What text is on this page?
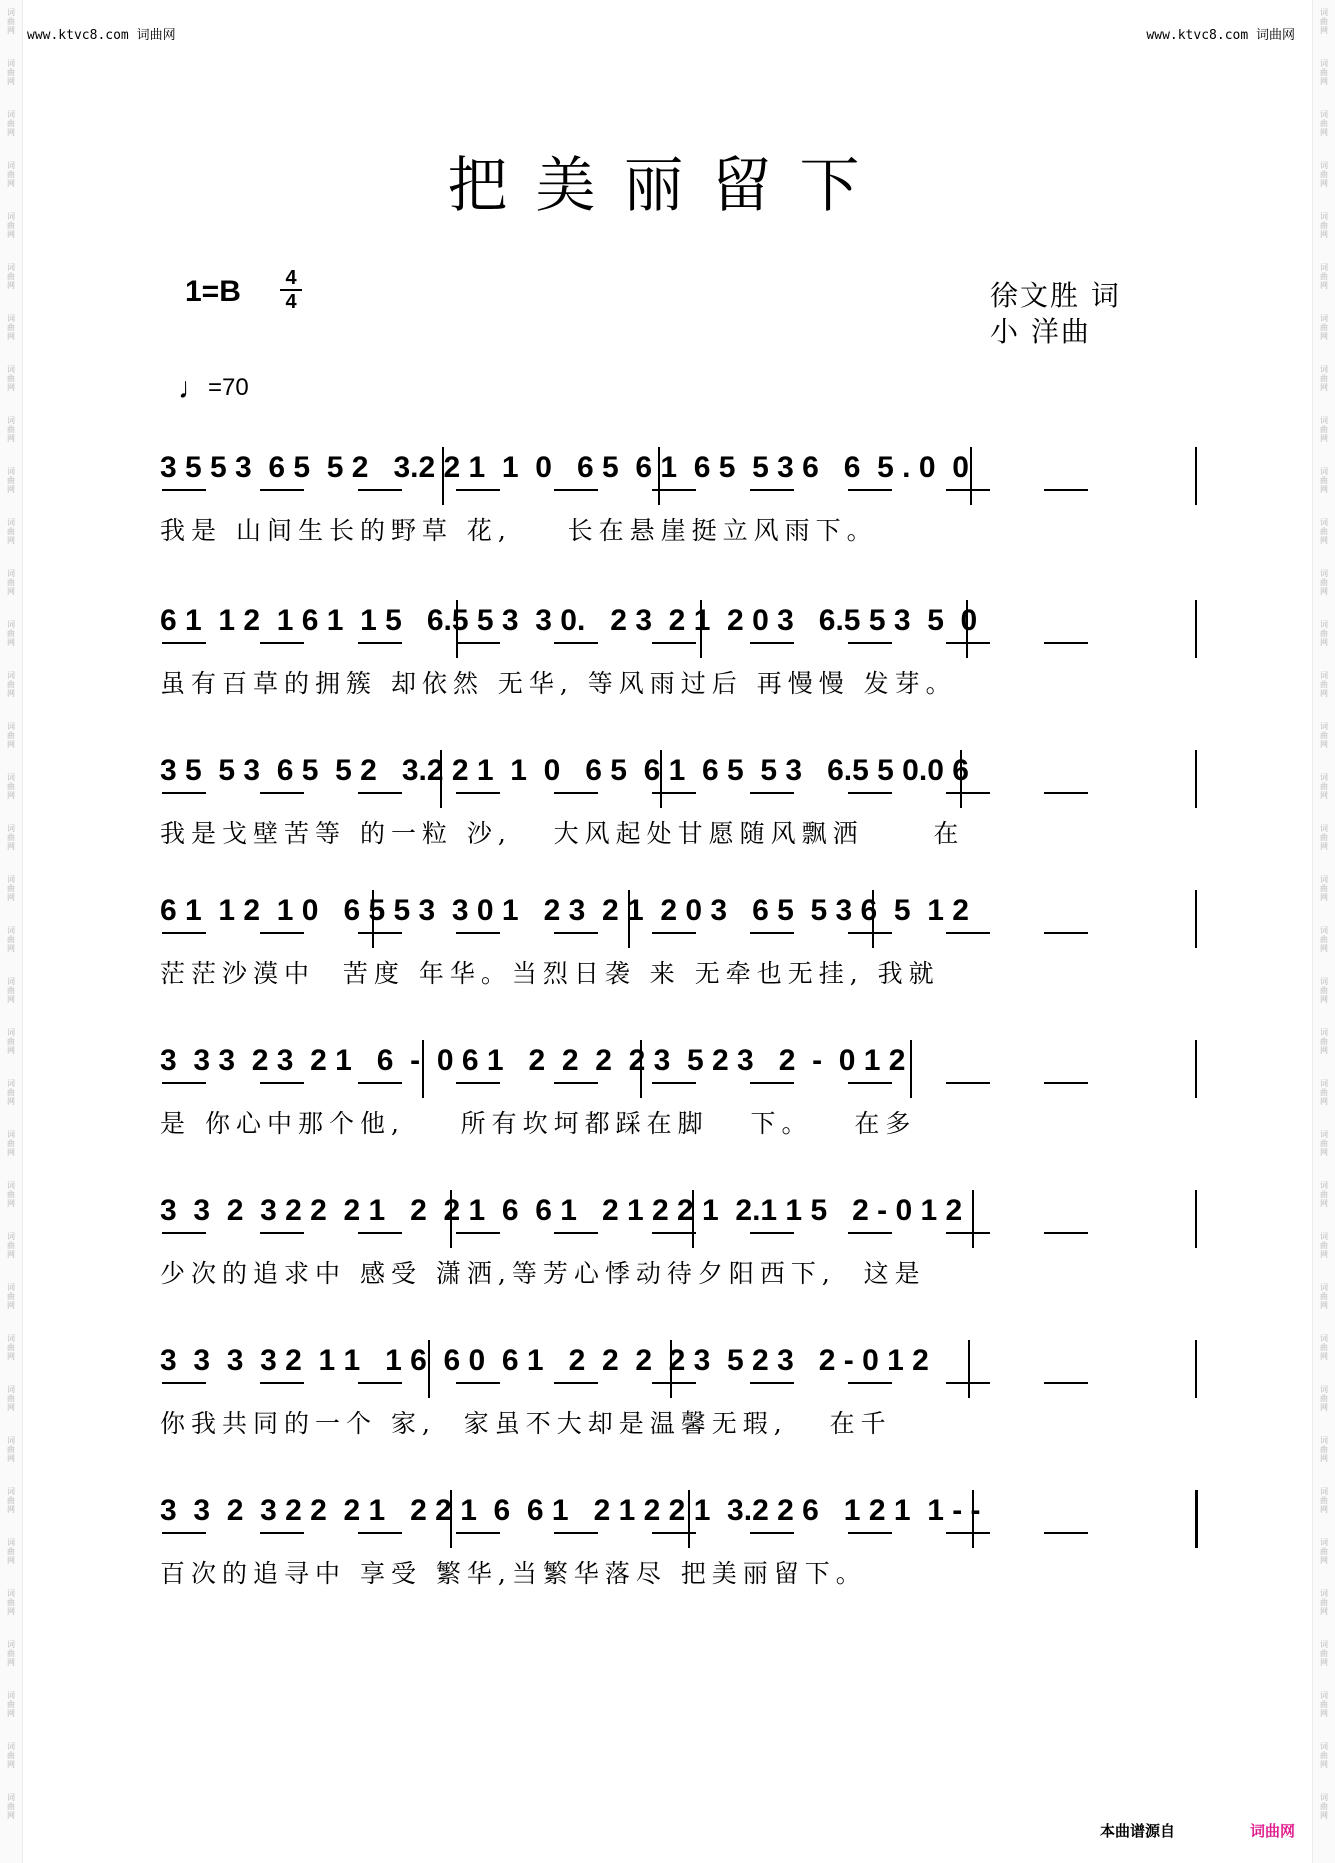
词
曲
网
词
曲
网
词
曲
网
词
曲
网
词
曲
网
词
曲
网
词
曲
网
词
曲
网
词
曲
网
词
曲
网
词
曲
网
词
曲
网
词
曲
网
词
曲
网
词
曲
网
词
曲
网
词
曲
网
词
曲
网
词
曲
网
词
曲
网
词
曲
网
词
曲
网
词
曲
网
词
曲
网
词
曲
网
词
曲
网
词
曲
网
词
曲
网
词
曲
网
词
曲
网
词
曲
网
词
曲
网
词
曲
网
词
曲
网
词
曲
网
词
曲
网
词
曲
网
词
曲
网
词
曲
网
词
曲
网
词
曲
网
词
曲
网
词
曲
网
词
曲
网
词
曲
网
词
曲
网
词
曲
网
词
曲
网
词
曲
网
词
曲
网
词
曲
网
词
曲
网
词
曲
网
词
曲
网
词
曲
网
词
曲
网
词
曲
网
词
曲
网
词
曲
网
词
曲
网
词
曲
网
词
曲
网
词
曲
网
词
曲
网
词
曲
网
词
曲
网
词
曲
网
词
曲
网
词
曲
网
词
曲
网
词
曲
网
词
曲
网
www.ktvc8.com 词曲网	www.ktvc8.com 词曲网
把美丽留下
1=B 4
4	徐文胜 词
小 洋曲
♩=70
3 5 5 3  6 5  5 2   3.2 2 1  1  0   6 5  6 1  6 5  5 3 6   6  5 . 0  0
我是 山间生长的野草 花,    长在悬崖挺立风雨下。
6 1  1 2  1 6 1  1 5   6.5 5 3  3 0.   2 3  2 1  2 0 3   6.5 5 3  5  0
虽有百草的拥簇 却依然 无华, 等风雨过后 再慢慢 发芽。
3 5  5 3  6 5  5 2   3.2 2 1  1  0   6 5  6 1  6 5  5 3   6.5 5 0.0 6
我是戈壁苦等 的一粒 沙,   大风起处甘愿随风飘洒     在
6 1  1 2  1 0   6 5 5 3  3 0 1   2 3  2 1  2 0 3   6 5  5 3 6  5  1 2
茫茫沙漠中  苦度 年华。当烈日袭 来 无牵也无挂, 我就
3  3 3  2 3  2 1   6  -  0 6 1   2  2  2  2 3  5 2 3   2  -  0 1 2
是 你心中那个他,    所有坎坷都踩在脚   下。   在多
3  3  2  3 2 2  2 1   2  2 1  6  6 1   2 1 2 2 1  2.1 1 5   2 - 0 1 2
少次的追求中 感受 潇洒,等芳心悸动待夕阳西下,  这是
3  3  3  3 2  1 1   1 6  6 0  6 1   2  2  2  2 3  5 2 3   2 - 0 1 2
你我共同的一个 家,  家虽不大却是温馨无瑕,   在千
3  3  2  3 2 2  2 1   2 2 1  6  6 1   2 1 2 2 1  3.2 2 6   1 2 1  1 - -
百次的追寻中 享受 繁华,当繁华落尽 把美丽留下。
本曲谱源自	词曲网
